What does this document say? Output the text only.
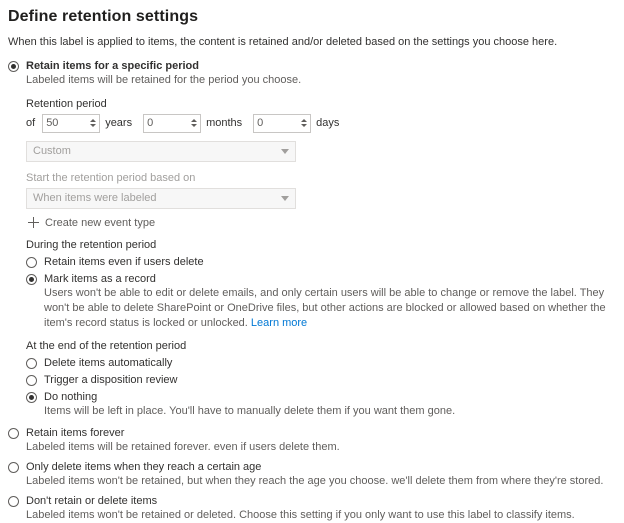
Define retention settings
When this label is applied to items, the content is retained and/or deleted based on the settings you choose here.
Retain items for a specific period
Labeled items will be retained for the period you choose.
Retention period
of
50	years
0	months
0	days
Custom
Start the retention period based on
When items were labeled
Create new event type
During the retention period
Retain items even if users delete
Mark items as a record
Users won't be able to edit or delete emails, and only certain users will be able to change or remove the label. They won't be able to delete SharePoint or OneDrive files, but other actions are blocked or allowed based on whether the item's record status is locked or unlocked. Learn more
At the end of the retention period
Delete items automatically
Trigger a disposition review
Do nothing
Items will be left in place. You'll have to manually delete them if you want them gone.
Retain items forever
Labeled items will be retained forever. even if users delete them.
Only delete items when they reach a certain age
Labeled items won't be retained, but when they reach the age you choose. we'll delete them from where they're stored.
Don't retain or delete items
Labeled items won't be retained or deleted. Choose this setting if you only want to use this label to classify items.
